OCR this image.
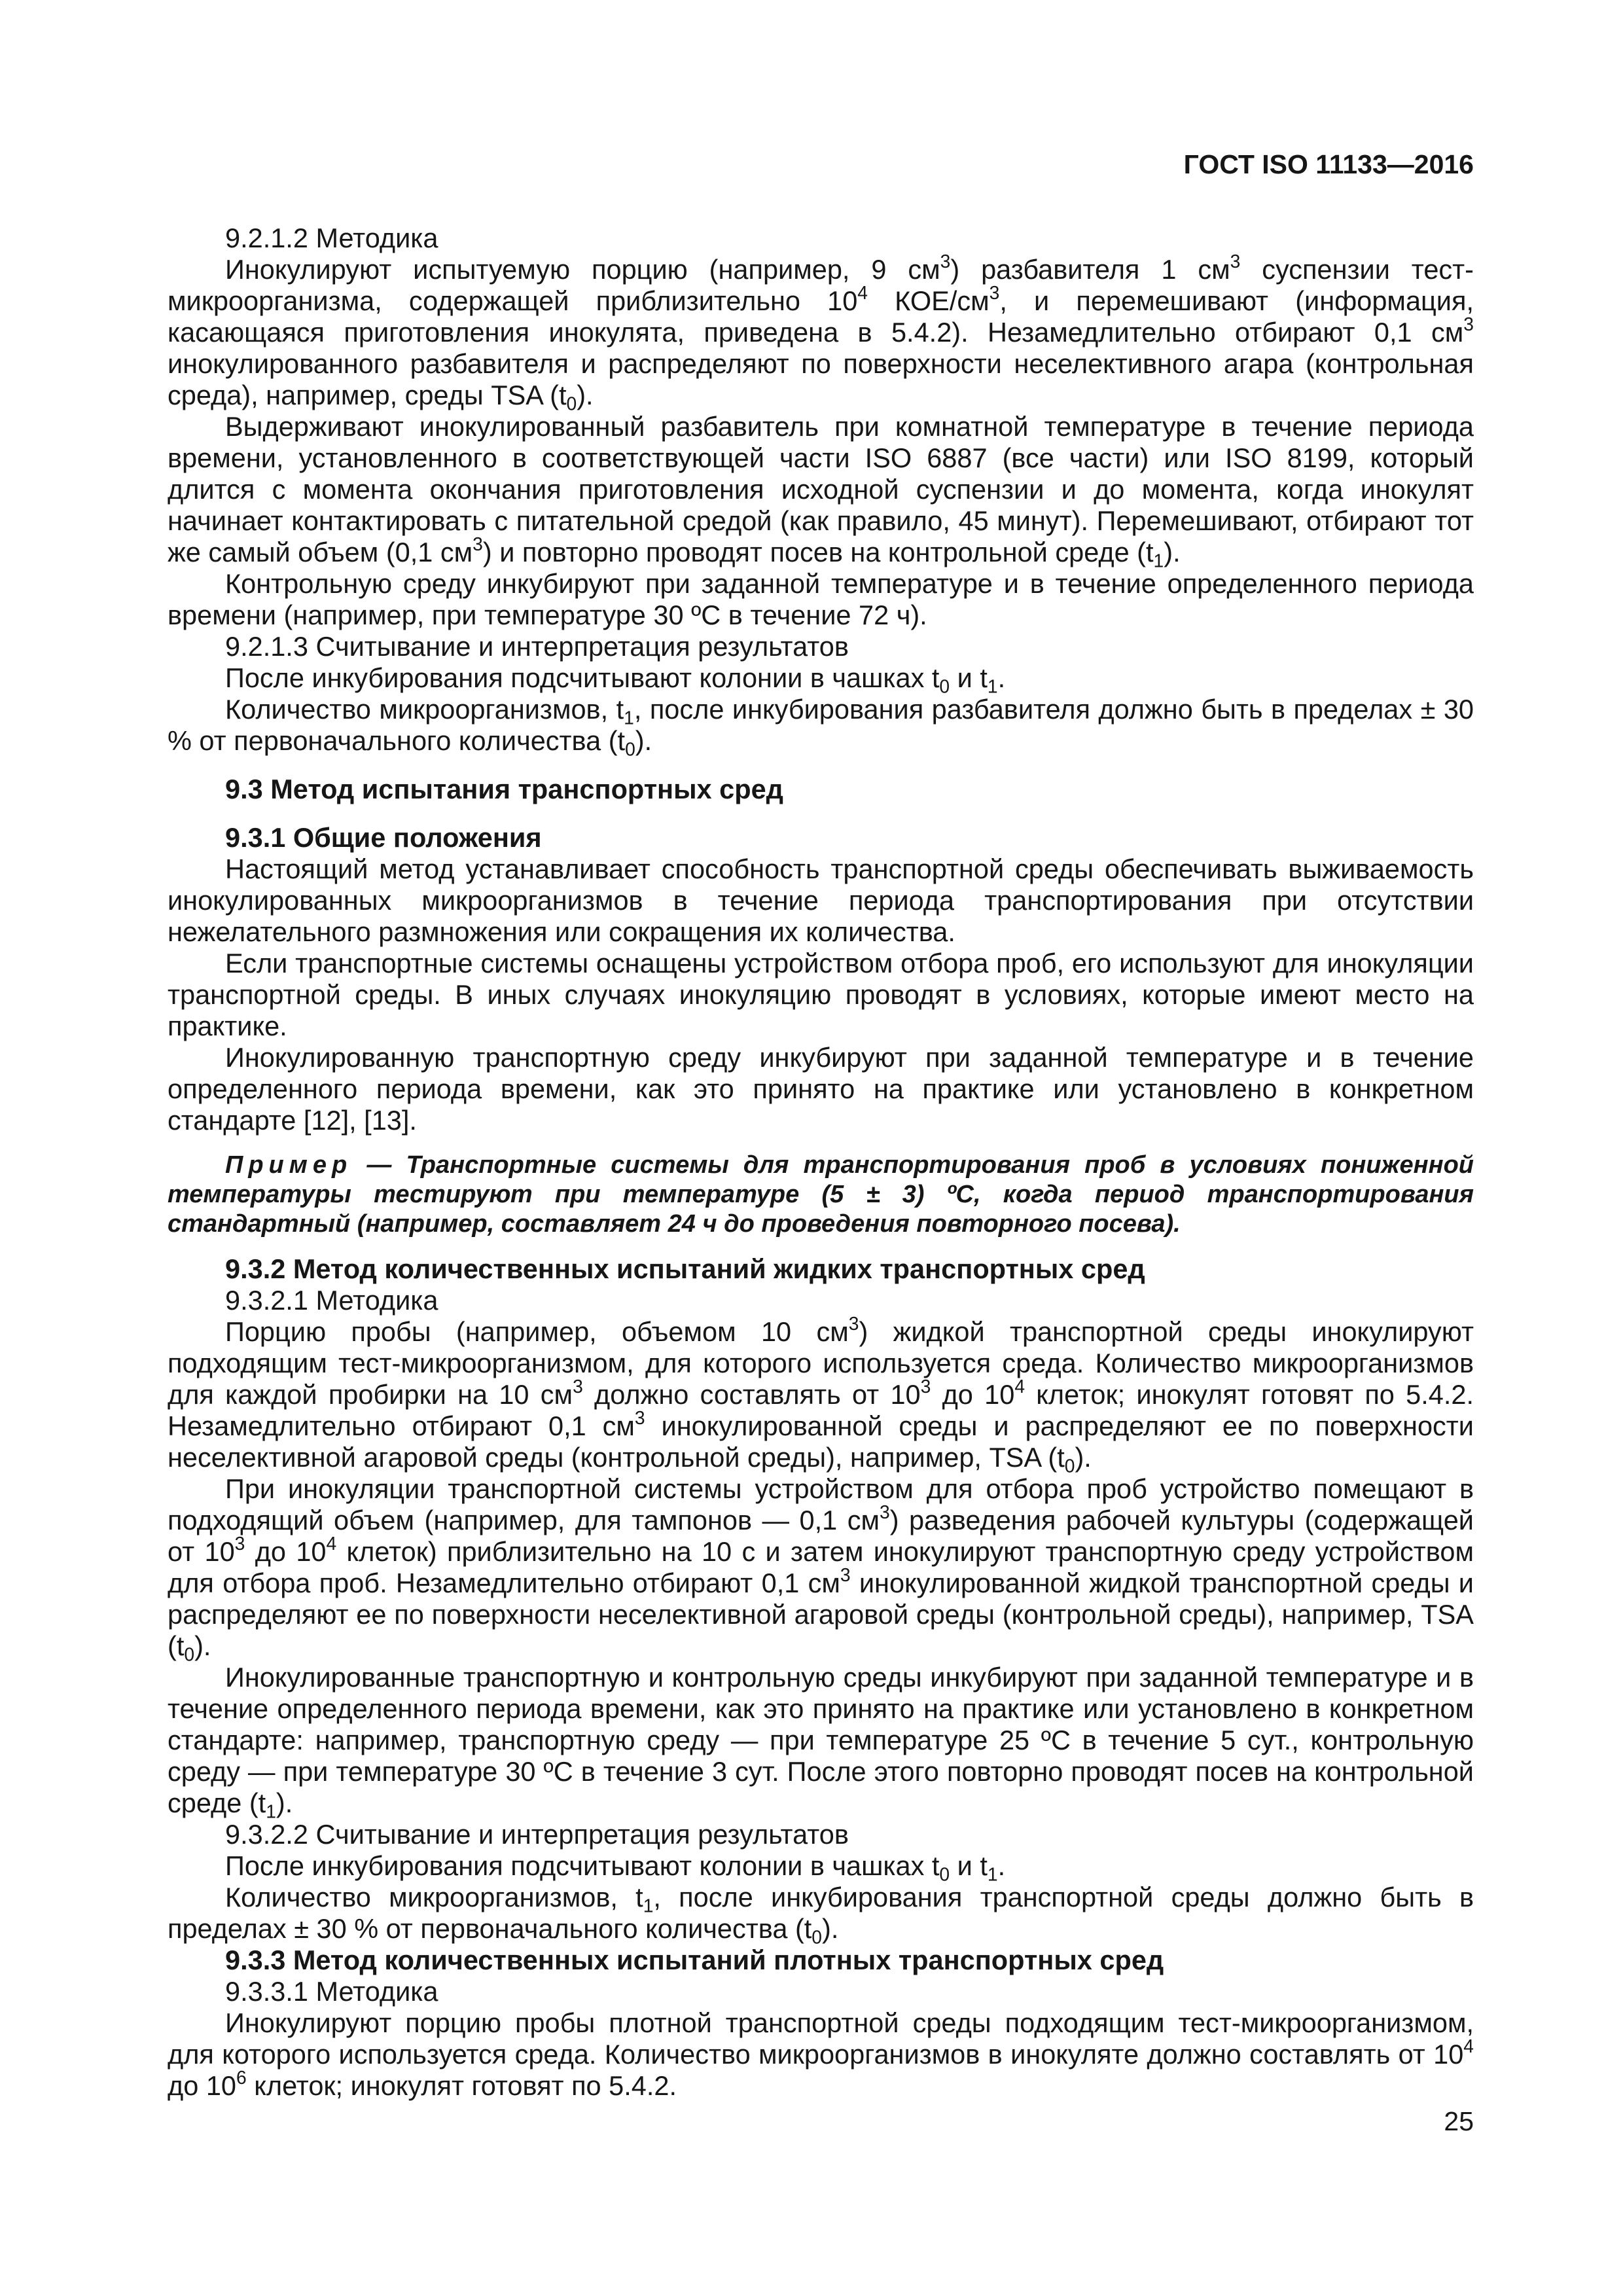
ГОСТ ISO 11133—2016

9.2.1.2 Методика

Инокулируют испытуемую порцию (например, 9 $см^3$) разбавителя 1 $см^3$ суспензии тест-микроорганизма, содержащей приблизительно $10^4$ КОЕ/$см^3$, и перемешивают (информация, касающаяся приготовления инокулята, приведена в 5.4.2). Незамедлительно отбирают 0,1 $см^3$ инокулированного разбавителя и распределяют по поверхности неселективного агара (контрольная среда), например, среды TSA $(t_0)$.

Выдерживают инокулированный разбавитель при комнатной температуре в течение периода времени, установленного в соответствующей части ISO 6887 (все части) или ISO 8199, который длится с момента окончания приготовления исходной суспензии и до момента, когда инокулят начинает контактировать с питательной средой (как правило, 45 минут). Перемешивают, отбирают тот же самый объем (0,1 $см^3$) и повторно проводят посев на контрольной среде $(t_1)$.

Контрольную среду инкубируют при заданной температуре и в течение определенного периода времени (например, при температуре 30 ºC в течение 72 ч).

9.2.1.3 Считывание и интерпретация результатов

После инкубирования подсчитывают колонии в чашках $t_0$ и $t_1$.

Количество микроорганизмов, $t_1$, после инкубирования разбавителя должно быть в пределах ± 30 % от первоначального количества $(t_0)$.

9.3 Метод испытания транспортных сред

9.3.1 Общие положения

Настоящий метод устанавливает способность транспортной среды обеспечивать выживаемость инокулированных микроорганизмов в течение периода транспортирования при отсутствии нежелательного размножения или сокращения их количества.

Если транспортные системы оснащены устройством отбора проб, его используют для инокуляции транспортной среды. В иных случаях инокуляцию проводят в условиях, которые имеют место на практике.

Инокулированную транспортную среду инкубируют при заданной температуре и в течение определенного периода времени, как это принято на практике или установлено в конкретном стандарте [12], [13].

Пример — Транспортные системы для транспортирования проб в условиях пониженной температуры тестируют при температуре (5 ± 3) ºC, когда период транспортирования стандартный (например, составляет 24 ч до проведения повторного посева).

9.3.2 Метод количественных испытаний жидких транспортных сред

9.3.2.1 Методика

Порцию пробы (например, объемом 10 $см^3$) жидкой транспортной среды инокулируют подходящим тест-микроорганизмом, для которого используется среда. Количество микроорганизмов для каждой пробирки на 10 $см^3$ должно составлять от $10^3$ до $10^4$ клеток; инокулят готовят по 5.4.2. Незамедлительно отбирают 0,1 $см^3$ инокулированной среды и распределяют ее по поверхности неселективной агаровой среды (контрольной среды), например, TSA $(t_0)$.

При инокуляции транспортной системы устройством для отбора проб устройство помещают в подходящий объем (например, для тампонов — 0,1 $см^3$) разведения рабочей культуры (содержащей от $10^3$ до $10^4$ клеток) приблизительно на 10 с и затем инокулируют транспортную среду устройством для отбора проб. Незамедлительно отбирают 0,1 $см^3$ инокулированной жидкой транспортной среды и распределяют ее по поверхности неселективной агаровой среды (контрольной среды), например, TSA $(t_0)$.

Инокулированные транспортную и контрольную среды инкубируют при заданной температуре и в течение определенного периода времени, как это принято на практике или установлено в конкретном стандарте: например, транспортную среду — при температуре 25 ºC в течение 5 сут., контрольную среду — при температуре 30 ºC в течение 3 сут. После этого повторно проводят посев на контрольной среде $(t_1)$.

9.3.2.2 Считывание и интерпретация результатов

После инкубирования подсчитывают колонии в чашках $t_0$ и $t_1$.

Количество микроорганизмов, $t_1$, после инкубирования транспортной среды должно быть в пределах ± 30 % от первоначального количества $(t_0)$.

9.3.3 Метод количественных испытаний плотных транспортных сред

9.3.3.1 Методика

Инокулируют порцию пробы плотной транспортной среды подходящим тест-микроорганизмом, для которого используется среда. Количество микроорганизмов в инокуляте должно составлять от $10^4$ до $10^6$ клеток; инокулят готовят по 5.4.2.

25
